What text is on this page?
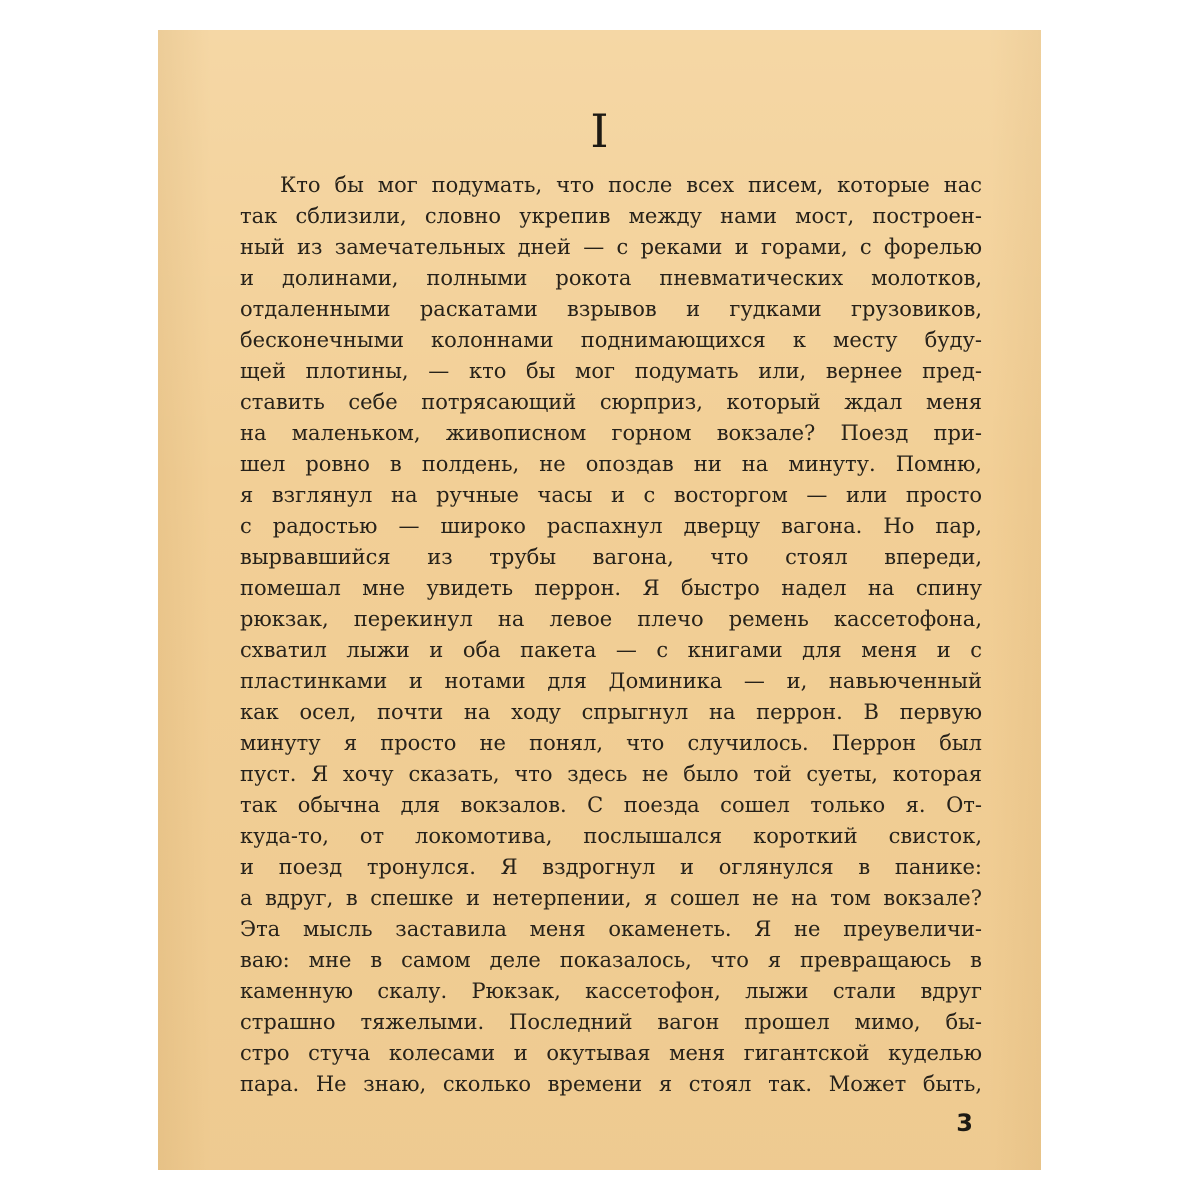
I
Кто бы мог подумать, что после всех писем, которые нас
так сблизили, словно укрепив между нами мост, построен-
ный из замечательных дней — с реками и горами, с форелью
и долинами, полными рокота пневматических молотков,
отдаленными раскатами взрывов и гудками грузовиков,
бесконечными колоннами поднимающихся к месту буду-
щей плотины, — кто бы мог подумать или, вернее пред-
ставить себе потрясающий сюрприз, который ждал меня
на маленьком, живописном горном вокзале? Поезд при-
шел ровно в полдень, не опоздав ни на минуту. Помню,
я взглянул на ручные часы и с восторгом — или просто
с радостью — широко распахнул дверцу вагона. Но пар,
вырвавшийся из трубы вагона, что стоял впереди,
помешал мне увидеть перрон. Я быстро надел на спину
рюкзак, перекинул на левое плечо ремень кассетофона,
схватил лыжи и оба пакета — с книгами для меня и с
пластинками и нотами для Доминика — и, навьюченный
как осел, почти на ходу спрыгнул на перрон. В первую
минуту я просто не понял, что случилось. Перрон был
пуст. Я хочу сказать, что здесь не было той суеты, которая
так обычна для вокзалов. С поезда сошел только я. От-
куда-то, от локомотива, послышался короткий свисток,
и поезд тронулся. Я вздрогнул и оглянулся в панике:
а вдруг, в спешке и нетерпении, я сошел не на том вокзале?
Эта мысль заставила меня окаменеть. Я не преувеличи-
ваю: мне в самом деле показалось, что я превращаюсь в
каменную скалу. Рюкзак, кассетофон, лыжи стали вдруг
страшно тяжелыми. Последний вагон прошел мимо, бы-
стро стуча колесами и окутывая меня гигантской куделью
пара. Не знаю, сколько времени я стоял так. Может быть,
3
